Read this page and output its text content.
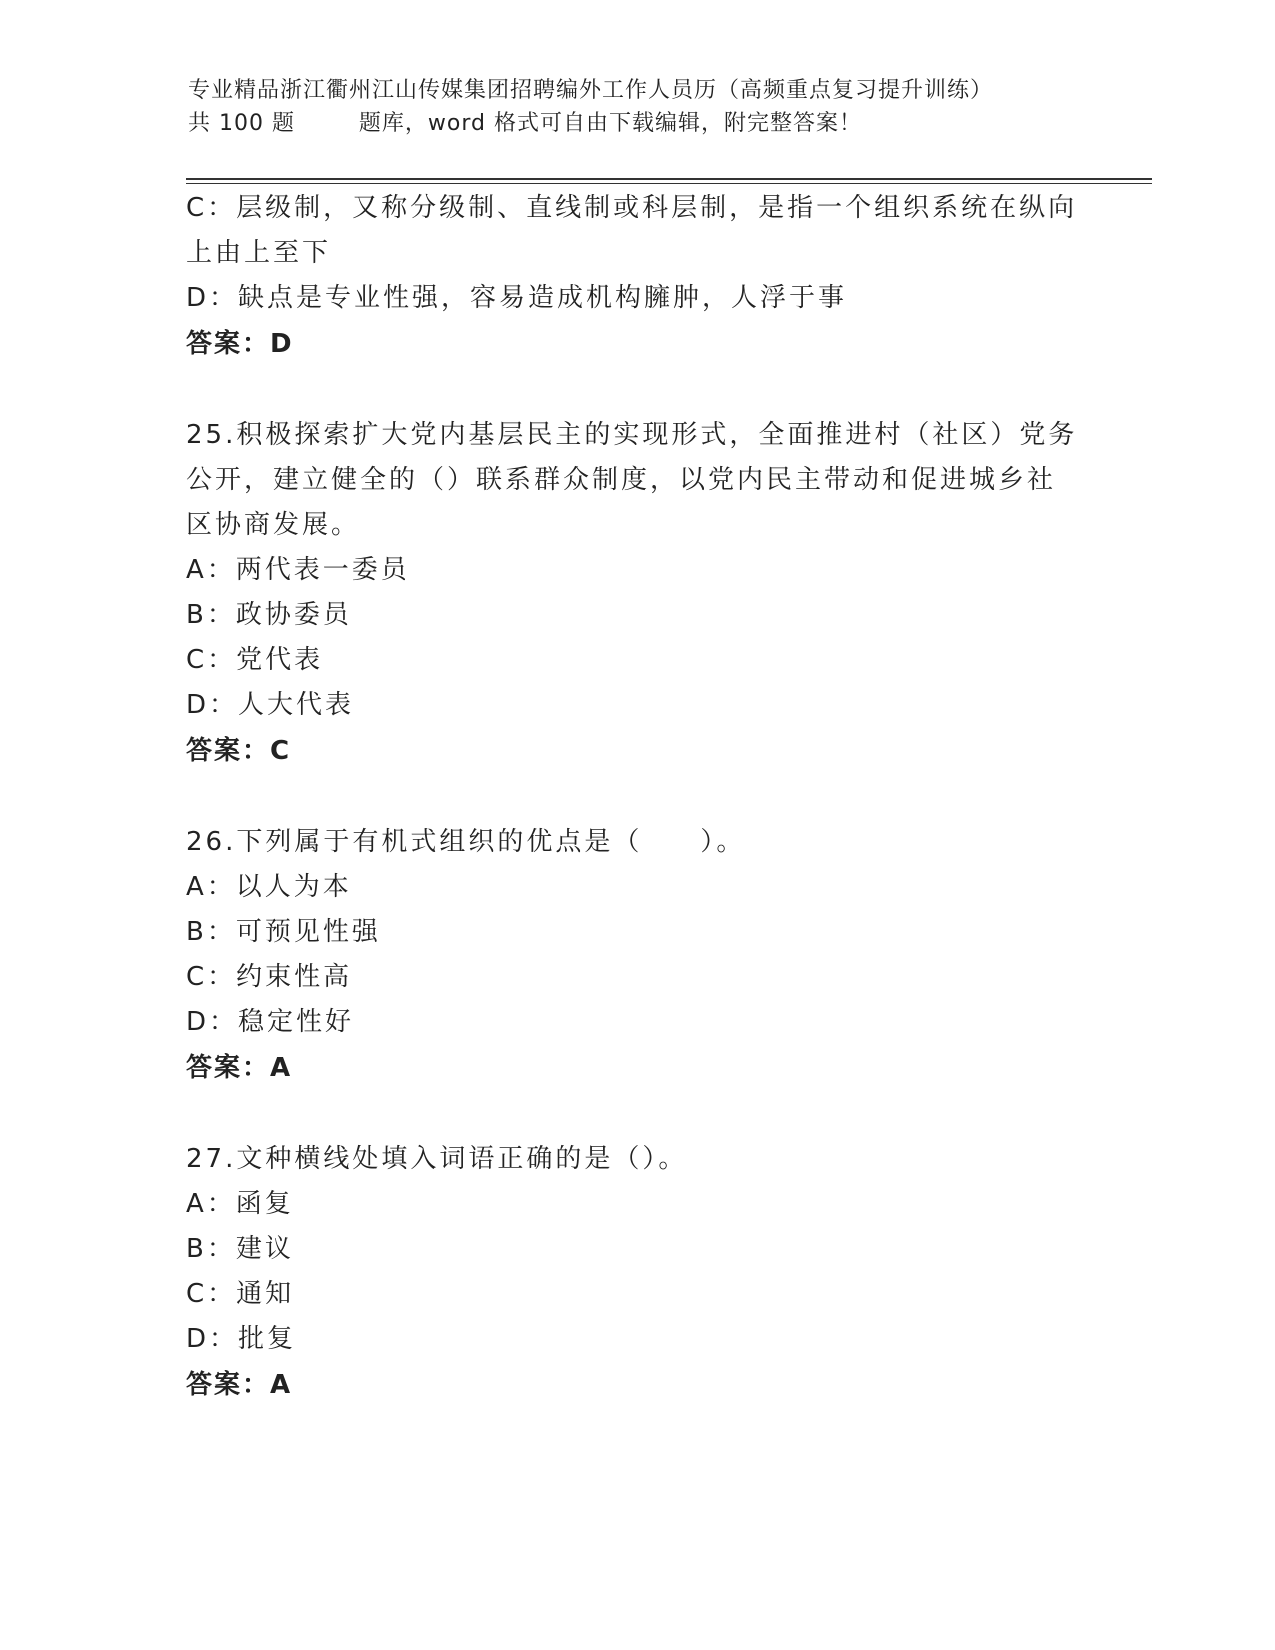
专业精品浙江衢州江山传媒集团招聘编外工作人员历（高频重点复习提升训练）
共 100 题        题库，word 格式可自由下载编辑，附完整答案！
C：层级制，又称分级制、直线制或科层制，是指一个组织系统在纵向
上由上至下
D：缺点是专业性强，容易造成机构臃肿，人浮于事
答案：D
25.积极探索扩大党内基层民主的实现形式，全面推进村（社区）党务
公开，建立健全的（）联系群众制度，以党内民主带动和促进城乡社
区协商发展。
A：两代表一委员
B：政协委员
C：党代表
D：人大代表
答案：C
26.下列属于有机式组织的优点是（　　）。
A：以人为本
B：可预见性强
C：约束性高
D：稳定性好
答案：A
27.文种横线处填入词语正确的是（）。
A：函复
B：建议
C：通知
D：批复
答案：A
